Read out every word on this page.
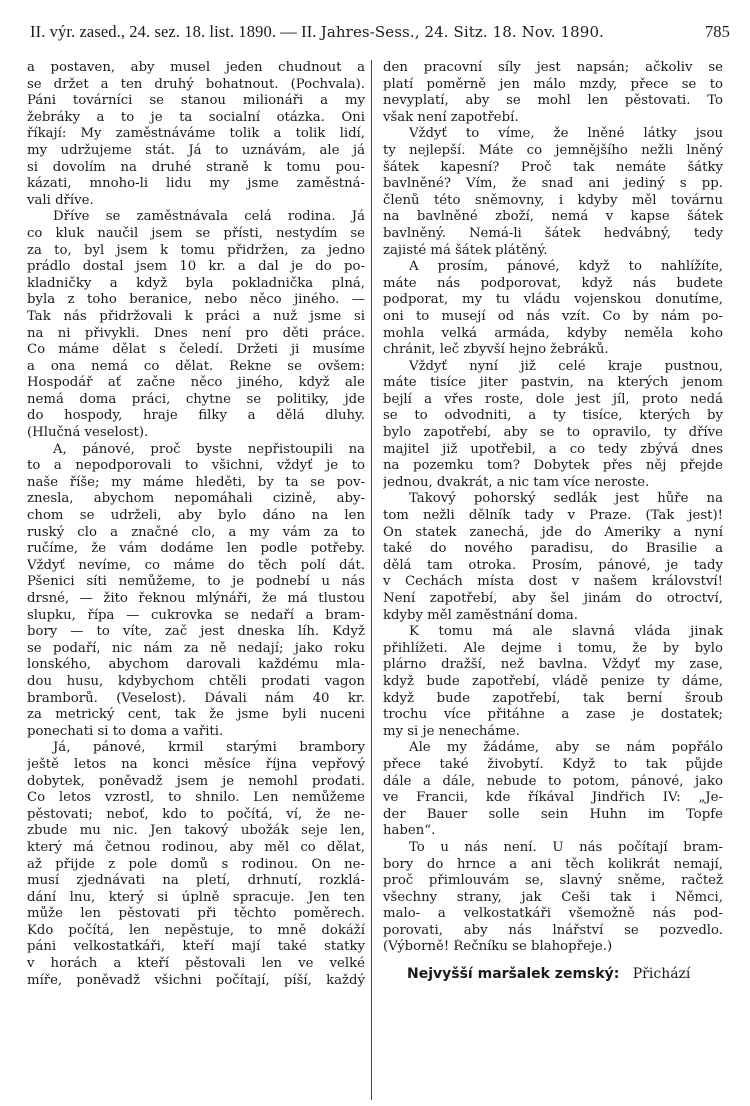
II. výr. zased., 24. sez. 18. list. 1890. — II. Jahres-Sess., 24. Sitz. 18. Nov. 1890.	785
a postaven, aby musel jeden chudnout a
se držet a ten druhý bohatnout. (Pochvala).
Páni továrníci se stanou milionáři a my
žebráky a to je ta socialní otázka. Oni
říkají: My zaměstnáváme tolik a tolik lidí,
my udržujeme stát. Já to uznávám, ale já
si dovolím na druhé straně k tomu pou-
kázati, mnoho-li lidu my jsme zaměstná-
vali dříve.
Dříve se zaměstnávala celá rodina. Já
co kluk naučil jsem se přísti, nestydím se
za to, byl jsem k tomu přidržen, za jedno
prádlo dostal jsem 10 kr. a dal je do po-
kladničky a když byla pokladnička plná,
byla z toho beranice, nebo něco jiného. —
Tak nás přidržovali k práci a nuž jsme si
na ni přivykli. Dnes není pro děti práce.
Co máme dělat s čeledí. Držeti ji musíme
a ona nemá co dělat. Řekne se ovšem:
Hospodář ať začne něco jiného, když ale
nemá doma práci, chytne se politiky, jde
do hospody, hraje filky a dělá dluhy.
(Hlučná veselost).
A, pánové, proč byste nepřistoupili na
to a nepodporovali to všichni, vždyť je to
naše říše; my máme hleděti, by ta se pov-
znesla, abychom nepomáhali cizině, aby-
chom se udrželi, aby bylo dáno na len
ruský clo a značné clo, a my vám za to
ručíme, že vám dodáme len podle potřeby.
Vždyť nevíme, co máme do těch polí dát.
Pšenici síti nemůžeme, to je podnebí u nás
drsné, — žito řeknou mlýnáři, že má tlustou
slupku, řípa — cukrovka se nedaří a bram-
bory — to víte, zač jest dneska líh. Když
se podaří, nic nám za ně nedají; jako roku
lonského, abychom darovali každému mla-
dou husu, kdybychom chtěli prodati vagon
bramborů. (Veselost). Dávali nám 40 kr.
za metrický cent, tak že jsme byli nuceni
ponechati si to doma a vařiti.
Já, pánové, krmil starými brambory
ještě letos na konci měsíce října vepřový
dobytek, poněvadž jsem je nemohl prodati.
Co letos vzrostl, to shnilo. Len nemůžeme
pěstovati; neboť, kdo to počítá, ví, že ne-
zbude mu nic. Jen takový ubožák seje len,
který má četnou rodinou, aby měl co dělat,
až přijde z pole domů s rodinou. On ne-
musí zjednávati na pletí, drhnutí, rozklá-
dání lnu, který si úplně spracuje. Jen ten
může len pěstovati při těchto poměrech.
Kdo počítá, len nepěstuje, to mně dokáží
páni velkostatkáři, kteří mají také statky
v horách a kteří pěstovali len ve velké
míře, poněvadž všichni počítají, píší, každý
den pracovní síly jest napsán; ačkoliv se
platí poměrně jen málo mzdy, přece se to
nevyplatí, aby se mohl len pěstovati. To
však není zapotřebí.
Vždyť to víme, že lněné látky jsou
ty nejlepší. Máte co jemnějšího nežli lněný
šátek kapesní? Proč tak nemáte šátky
bavlněné? Vím, že snad ani jediný s pp.
členů této sněmovny, i kdyby měl továrnu
na bavlněné zboží, nemá v kapse šátek
bavlněný. Nemá-li šátek hedvábný, tedy
zajisté má šátek plátěný.
A prosím, pánové, když to nahlížíte,
máte nás podporovat, když nás budete
podporat, my tu vládu vojenskou donutíme,
oni to musejí od nás vzít. Co by nám po-
mohla velká armáda, kdyby neměla koho
chránit, leč zbyvší hejno žebráků.
Vždyť nyní již celé kraje pustnou,
máte tisíce jiter pastvin, na kterých jenom
bejlí a vřes roste, dole jest jíl, proto nedá
se to odvodniti, a ty tisíce, kterých by
bylo zapotřebí, aby se to opravilo, ty dříve
majitel již upotřebil, a co tedy zbývá dnes
na pozemku tom? Dobytek přes něj přejde
jednou, dvakrát, a nic tam více neroste.
Takový pohorský sedlák jest hůře na
tom nežli dělník tady v Praze. (Tak jest)!
On statek zanechá, jde do Ameriky a nyní
také do nového paradisu, do Brasilie a
dělá tam otroka. Prosím, pánové, je tady
v Čechách místa dost v našem království!
Není zapotřebí, aby šel jinám do otroctví,
kdyby měl zaměstnání doma.
K tomu má ale slavná vláda jinak
přihlížeti. Ale dejme i tomu, že by bylo
plárno dražší, než bavlna. Vždyť my zase,
když bude zapotřebí, vládě penize ty dáme,
když bude zapotřebí, tak berní šroub
trochu více přitáhne a zase je dostatek;
my si je nenecháme.
Ale my žádáme, aby se nám popřálo
přece také živobytí. Když to tak půjde
dále a dále, nebude to potom, pánové, jako
ve Francii, kde říkával Jindřich IV: „Je-
der Bauer solle sein Huhn im Topfe
haben“.
To u nás není. U nás počítají bram-
bory do hrnce a ani těch kolikrát nemají,
proč přimlouvám se, slavný sněme, račtež
všechny strany, jak Češi tak i Němci,
malo- a velkostatkáři všemožně nás pod-
porovati, aby nás lnářství se pozvedlo.
(Výborně! Řečníku se blahopřeje.)
Nejvyšší maršalek zemský: Přichází
